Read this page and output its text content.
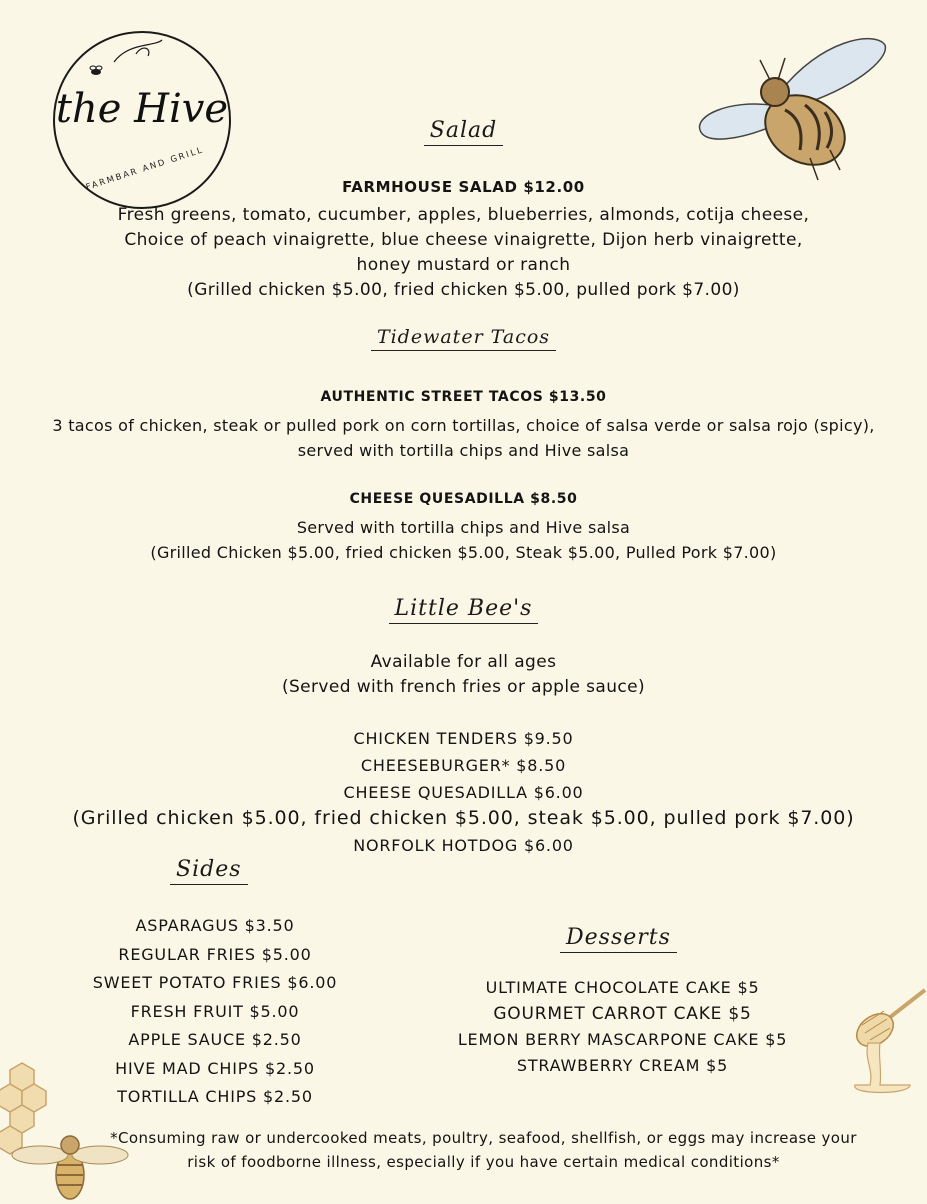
the Hive
FARMBAR AND GRILL
Salad
FARMHOUSE SALAD $12.00
Fresh greens, tomato, cucumber, apples, blueberries, almonds, cotija cheese,
Choice of peach vinaigrette, blue cheese vinaigrette, Dijon herb vinaigrette,
honey mustard or ranch
(Grilled chicken $5.00, fried chicken $5.00, pulled pork $7.00)
Tidewater Tacos
AUTHENTIC STREET TACOS $13.50
3 tacos of chicken, steak or pulled pork on corn tortillas, choice of salsa verde or salsa rojo (spicy),
served with tortilla chips and Hive salsa
CHEESE QUESADILLA $8.50
Served with tortilla chips and Hive salsa
(Grilled Chicken $5.00, fried chicken $5.00, Steak $5.00, Pulled Pork $7.00)
Little Bee's
Available for all ages
(Served with french fries or apple sauce)
CHICKEN TENDERS $9.50
CHEESEBURGER* $8.50
CHEESE QUESADILLA $6.00
(Grilled chicken $5.00, fried chicken $5.00, steak $5.00, pulled pork $7.00)
NORFOLK HOTDOG $6.00
Sides
ASPARAGUS $3.50
REGULAR FRIES $5.00
SWEET POTATO FRIES $6.00
FRESH FRUIT $5.00
APPLE SAUCE $2.50
HIVE MAD CHIPS $2.50
TORTILLA CHIPS $2.50
Desserts
ULTIMATE CHOCOLATE CAKE $5
GOURMET CARROT CAKE $5
LEMON BERRY MASCARPONE CAKE $5
STRAWBERRY CREAM $5
*Consuming raw or undercooked meats, poultry, seafood, shellfish, or eggs may increase your
risk of foodborne illness, especially if you have certain medical conditions*
